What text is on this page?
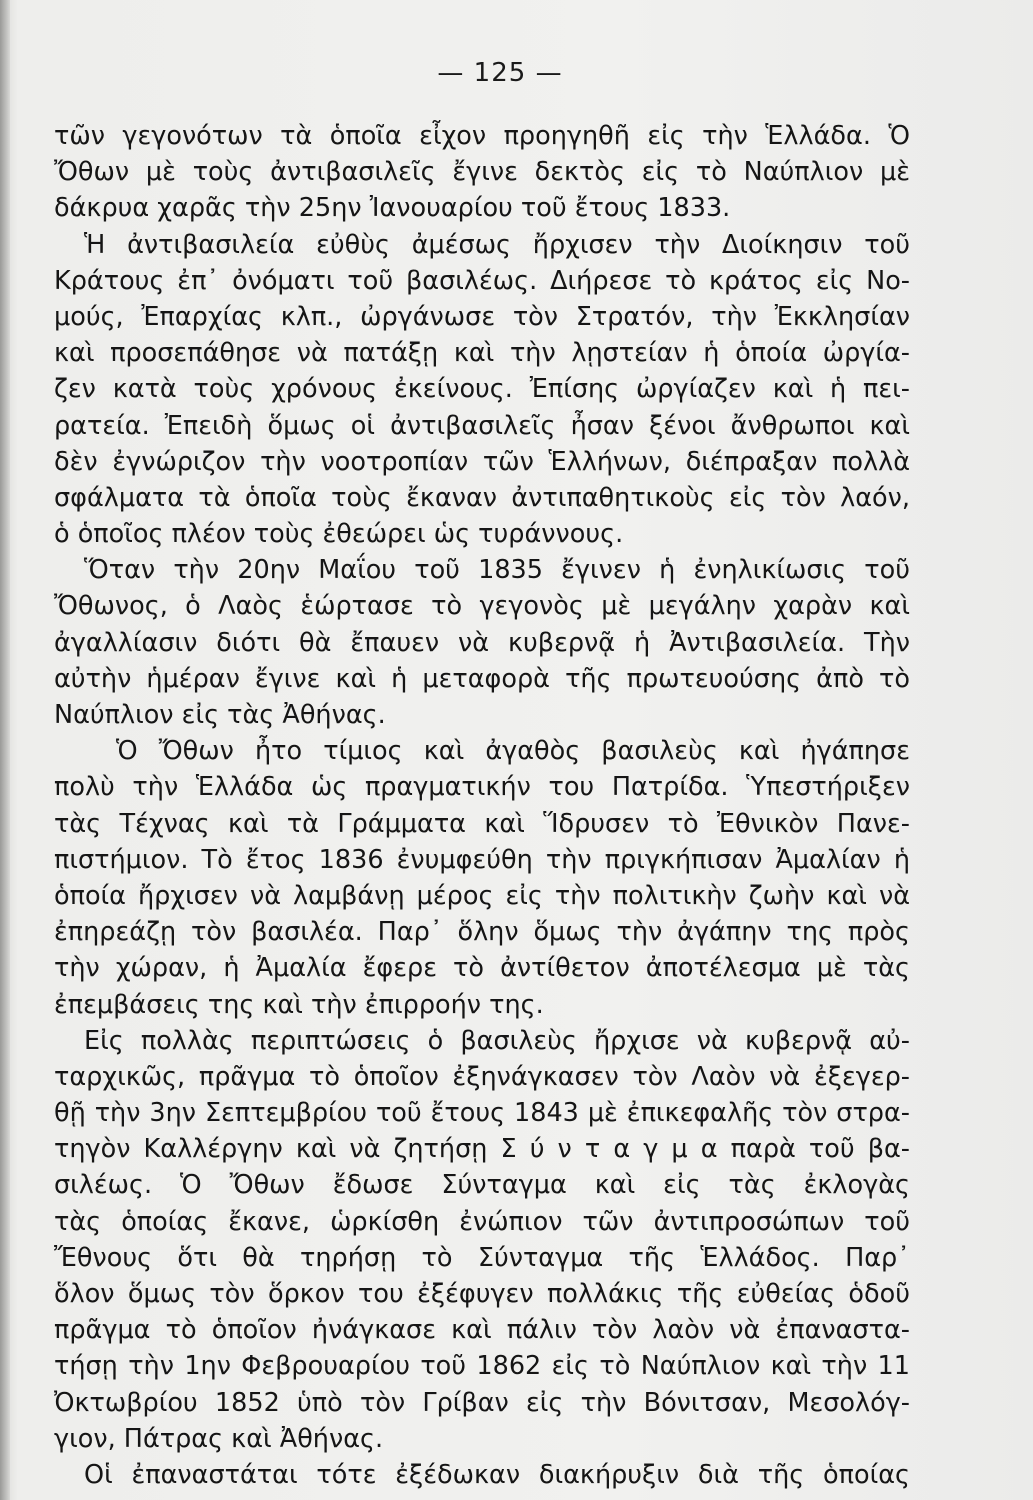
— 125 —
τῶν γεγονότων τὰ ὁποῖα εἶχον προηγηθῆ εἰς τὴν Ἑλλάδα. Ὁ
Ὄθων μὲ τοὺς ἀντιβασιλεῖς ἔγινε δεκτὸς εἰς τὸ Ναύπλιον μὲ
δάκρυα χαρᾶς τὴν 25ην Ἰανουαρίου τοῦ ἔτους 1833.
Ἡ ἀντιβασιλεία εὐθὺς ἀμέσως ἤρχισεν τὴν Διοίκησιν τοῦ
Κράτους ἐπ᾽ ὀνόματι τοῦ βασιλέως. Διήρεσε τὸ κράτος εἰς Νο-
μούς, Ἐπαρχίας κλπ., ὠργάνωσε τὸν Στρατόν, τὴν Ἐκκλησίαν
καὶ προσεπάθησε νὰ πατάξῃ καὶ τὴν λῃστείαν ἡ ὁποία ὠργία-
ζεν κατὰ τοὺς χρόνους ἐκείνους. Ἐπίσης ὠργίαζεν καὶ ἡ πει-
ρατεία. Ἐπειδὴ ὅμως οἱ ἀντιβασιλεῖς ἦσαν ξένοι ἄνθρωποι καὶ
δὲν ἐγνώριζον τὴν νοοτροπίαν τῶν Ἑλλήνων, διέπραξαν πολλὰ
σφάλματα τὰ ὁποῖα τοὺς ἔκαναν ἀντιπαθητικοὺς εἰς τὸν λαόν,
ὁ ὁποῖος πλέον τοὺς ἐθεώρει ὡς τυράννους.
Ὅταν τὴν 20ην Μαΐου τοῦ 1835 ἔγινεν ἡ ἐνηλικίωσις τοῦ
Ὄθωνος, ὁ Λαὸς ἑώρτασε τὸ γεγονὸς μὲ μεγάλην χαρὰν καὶ
ἀγαλλίασιν διότι θὰ ἔπαυεν νὰ κυβερνᾷ ἡ Ἀντιβασιλεία. Τὴν
αὐτὴν ἡμέραν ἔγινε καὶ ἡ μεταφορὰ τῆς πρωτευούσης ἀπὸ τὸ
Ναύπλιον εἰς τὰς Ἀθήνας.
Ὁ Ὄθων ἦτο τίμιος καὶ ἀγαθὸς βασιλεὺς καὶ ἠγάπησε
πολὺ τὴν Ἑλλάδα ὡς πραγματικήν του Πατρίδα. Ὑπεστήριξεν
τὰς Τέχνας καὶ τὰ Γράμματα καὶ Ἵδρυσεν τὸ Ἐθνικὸν Πανε-
πιστήμιον. Τὸ ἔτος 1836 ἐνυμφεύθη τὴν πριγκήπισαν Ἀμαλίαν ἡ
ὁποία ἤρχισεν νὰ λαμβάνῃ μέρος εἰς τὴν πολιτικὴν ζωὴν καὶ νὰ
ἐπηρεάζῃ τὸν βασιλέα. Παρ᾽ ὅλην ὅμως τὴν ἀγάπην της πρὸς
τὴν χώραν, ἡ Ἀμαλία ἔφερε τὸ ἀντίθετον ἀποτέλεσμα μὲ τὰς
ἐπεμβάσεις της καὶ τὴν ἐπιρροήν της.
Εἰς πολλὰς περιπτώσεις ὁ βασιλεὺς ἤρχισε νὰ κυβερνᾷ αὐ-
ταρχικῶς, πρᾶγμα τὸ ὁποῖον ἐξηνάγκασεν τὸν Λαὸν νὰ ἐξεγερ-
θῇ τὴν 3ην Σεπτεμβρίου τοῦ ἔτους 1843 μὲ ἐπικεφαλῆς τὸν στρα-
τηγὸν Καλλέργην καὶ νὰ ζητήσῃ Σ ύ ν τ α γ μ α παρὰ τοῦ βα-
σιλέως. Ὁ Ὄθων ἔδωσε Σύνταγμα καὶ εἰς τὰς ἐκλογὰς
τὰς ὁποίας ἔκανε, ὡρκίσθη ἐνώπιον τῶν ἀντιπροσώπων τοῦ
Ἔθνους ὅτι θὰ τηρήσῃ τὸ Σύνταγμα τῆς Ἑλλάδος. Παρ᾽
ὅλον ὅμως τὸν ὅρκον του ἐξέφυγεν πολλάκις τῆς εὐθείας ὁδοῦ
πρᾶγμα τὸ ὁποῖον ἠνάγκασε καὶ πάλιν τὸν λαὸν νὰ ἐπαναστα-
τήσῃ τὴν 1ην Φεβρουαρίου τοῦ 1862 εἰς τὸ Ναύπλιον καὶ τὴν 11
Ὀκτωβρίου 1852 ὑπὸ τὸν Γρίβαν εἰς τὴν Βόνιτσαν, Μεσολόγ-
γιον, Πάτρας καὶ Ἀθήνας.
Οἱ ἐπαναστάται τότε ἐξέδωκαν διακήρυξιν διὰ τῆς ὁποίας
